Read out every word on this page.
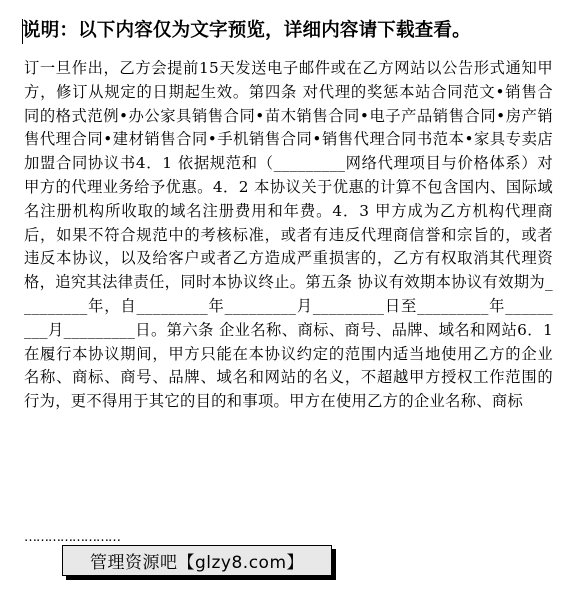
说明：以下内容仅为文字预览，详细内容请下载查看。
订一旦作出，乙方会提前15天发送电子邮件或在乙方网站以公告形式通知甲方，修订从规定的日期起生效。第四条 对代理的奖惩本站合同范文•销售合同的格式范例•办公家具销售合同•苗木销售合同•电子产品销售合同•房产销售代理合同•建材销售合同•手机销售合同•销售代理合同书范本•家具专卖店加盟合同协议书4．1 依据规范和（_________网络代理项目与价格体系）对甲方的代理业务给予优惠。4．2 本协议关于优惠的计算不包含国内、国际域名注册机构所收取的域名注册费用和年费。4．3 甲方成为乙方机构代理商后，如果不符合规范中的考核标准，或者有违反代理商信誉和宗旨的，或者违反本协议，以及给客户或者乙方造成严重损害的，乙方有权取消其代理资格，追究其法律责任，同时本协议终止。第五条 协议有效期本协议有效期为_________年，自_________年_________月_________日至_________年_________月_________日。第六条 企业名称、商标、商号、品牌、域名和网站6．1 在履行本协议期间，甲方只能在本协议约定的范围内适当地使用乙方的企业名称、商标、商号、品牌、域名和网站的名义，不超越甲方授权工作范围的行为，更不得用于其它的目的和事项。甲方在使用乙方的企业名称、商标
……………………
管理资源吧【glzy8.com】
